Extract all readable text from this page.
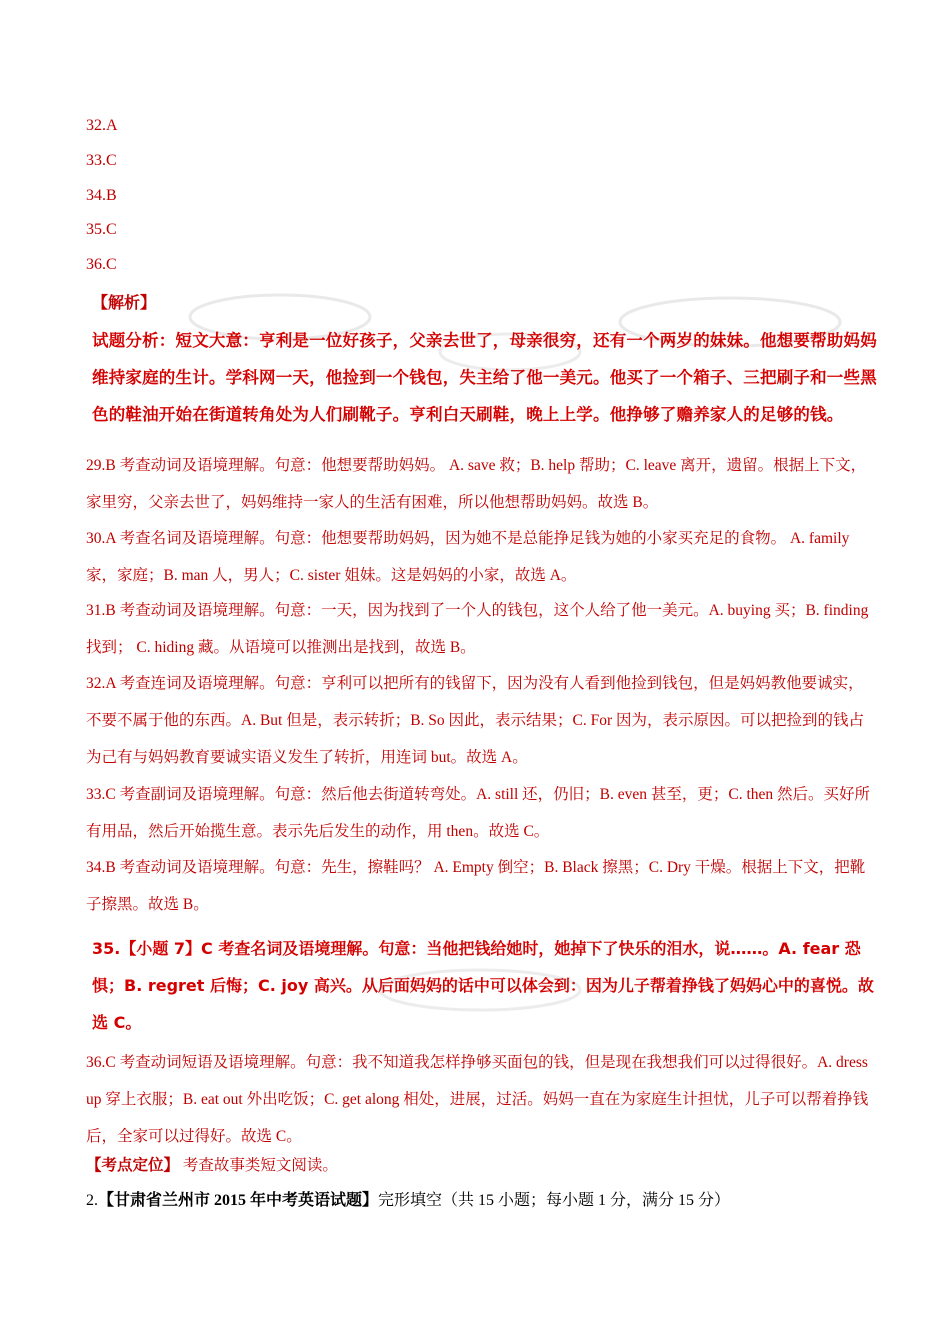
32.A
33.C
34.B
35.C
36.C
【解析】
试题分析：短文大意：亨利是一位好孩子，父亲去世了，母亲很穷，还有一个两岁的妹妹。他想要帮助妈妈维持家庭的生计。学科网一天，他捡到一个钱包，失主给了他一美元。他买了一个箱子、三把刷子和一些黑色的鞋油开始在街道转角处为人们刷靴子。亨利白天刷鞋，晚上上学。他挣够了赡养家人的足够的钱。
29.B 考查动词及语境理解。句意：他想要帮助妈妈。 A. save 救；B. help 帮助；C. leave 离开，遗留。根据上下文，家里穷，父亲去世了，妈妈维持一家人的生活有困难，所以他想帮助妈妈。故选 B。
30.A 考查名词及语境理解。句意：他想要帮助妈妈，因为她不是总能挣足钱为她的小家买充足的食物。 A. family 家，家庭；B. man 人，男人；C. sister 姐妹。这是妈妈的小家，故选 A。
31.B 考查动词及语境理解。句意：一天，因为找到了一个人的钱包，这个人给了他一美元。A. buying 买；B. finding 找到； C. hiding 藏。从语境可以推测出是找到，故选 B。
32.A 考查连词及语境理解。句意：亨利可以把所有的钱留下，因为没有人看到他捡到钱包，但是妈妈教他要诚实，不要不属于他的东西。A. But 但是，表示转折；B. So 因此，表示结果；C. For 因为，表示原因。可以把捡到的钱占为己有与妈妈教育要诚实语义发生了转折，用连词 but。故选 A。
33.C 考查副词及语境理解。句意：然后他去街道转弯处。A. still 还，仍旧；B. even 甚至，更；C. then 然后。买好所有用品，然后开始揽生意。表示先后发生的动作，用 then。故选 C。
34.B 考查动词及语境理解。句意：先生，擦鞋吗？ A. Empty 倒空；B. Black 擦黑；C. Dry 干燥。根据上下文，把靴子擦黑。故选 B。
35.【小题 7】C 考查名词及语境理解。句意：当他把钱给她时，她掉下了快乐的泪水，说……。A. fear 恐惧；B. regret 后悔；C. joy 高兴。从后面妈妈的话中可以体会到：因为儿子帮着挣钱了妈妈心中的喜悦。故选 C。
36.C 考查动词短语及语境理解。句意：我不知道我怎样挣够买面包的钱，但是现在我想我们可以过得很好。A. dress up 穿上衣服；B. eat out 外出吃饭；C. get along 相处，进展，过活。妈妈一直在为家庭生计担忧，儿子可以帮着挣钱后，全家可以过得好。故选 C。
【考点定位】 考查故事类短文阅读。
2.【甘肃省兰州市 2015 年中考英语试题】完形填空（共 15 小题；每小题 1 分，满分 15 分）
